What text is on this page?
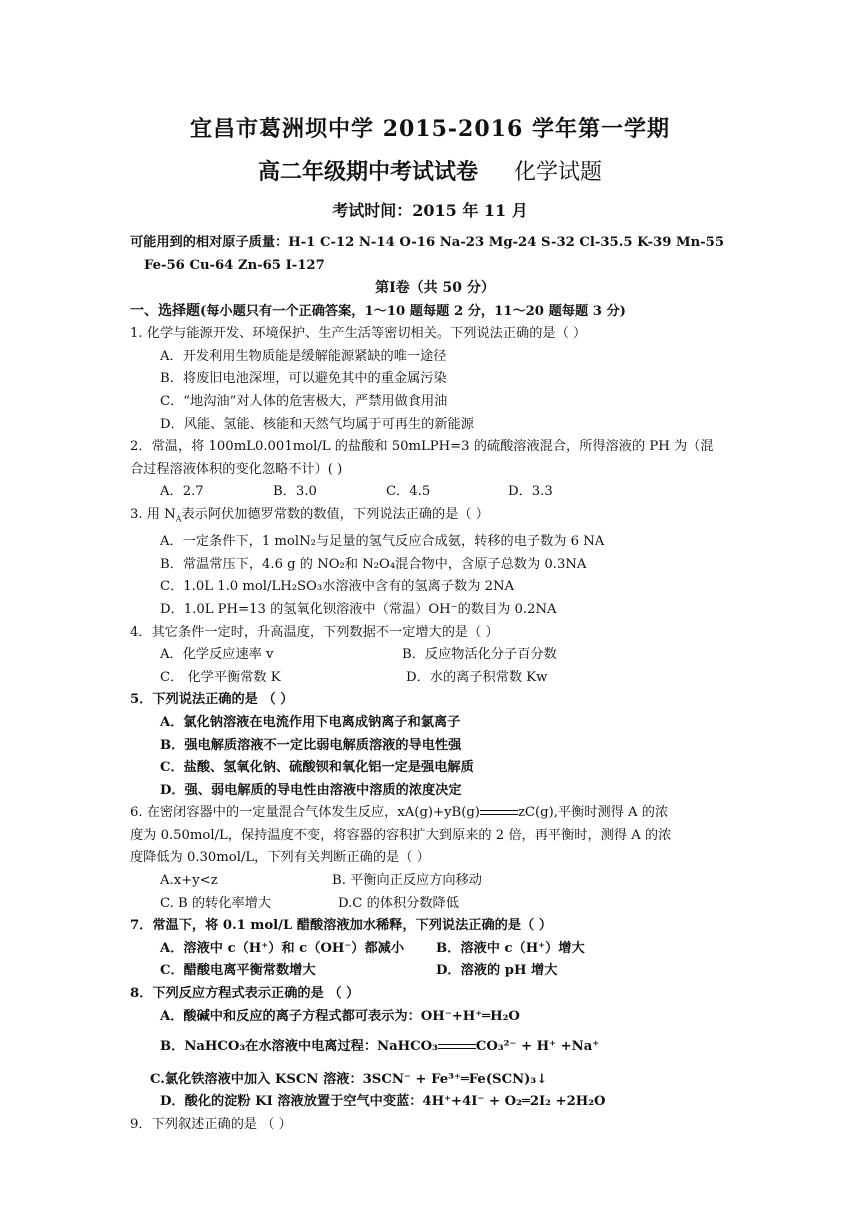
宜昌市葛洲坝中学 2015-2016 学年第一学期
高二年级期中考试试卷 化学试题
考试时间：2015 年 11 月
可能用到的相对原子质量：H-1 C-12 N-14 O-16 Na-23 Mg-24 S-32 Cl-35.5 K-39 Mn-55
Fe-56 Cu-64 Zn-65 I-127
第Ⅰ卷（共 50 分）
一、选择题(每小题只有一个正确答案，1～10 题每题 2 分，11～20 题每题 3 分)
1. 化学与能源开发、环境保护、生产生活等密切相关。下列说法正确的是（ ）
A．开发利用生物质能是缓解能源紧缺的唯一途径
B．将废旧电池深埋，可以避免其中的重金属污染
C．“地沟油”对人体的危害极大，严禁用做食用油
D．风能、氢能、核能和天然气均属于可再生的新能源
2．常温，将 100mL0.001mol/L 的盐酸和 50mLPH=3 的硫酸溶液混合，所得溶液的 PH 为（混
合过程溶液体积的变化忽略不计）( )
A．2.7	B．3.0	C．4.5	D．3.3
3. 用 $N_A$表示阿伏加德罗常数的数值，下列说法正确的是（ ）
A．一定条件下，1 molN₂与足量的氢气反应合成氨，转移的电子数为 6 NA
B．常温常压下，4.6 g 的 NO₂和 N₂O₄混合物中，含原子总数为 0.3NA
C．1.0L 1.0 mol/LH₂SO₃水溶液中含有的氢离子数为 2NA
D．1.0L PH=13 的氢氧化钡溶液中（常温）OH⁻的数目为 0.2NA
4．其它条件一定时，升高温度，下列数据不一定增大的是（ ）
A．化学反应速率 v	B．反应物活化分子百分数
C． 化学平衡常数 K	D．水的离子积常数 Kw
5．下列说法正确的是 （ ）
A．氯化钠溶液在电流作用下电离成钠离子和氯离子
B．强电解质溶液不一定比弱电解质溶液的导电性强
C．盐酸、氢氧化钠、硫酸钡和氧化铝一定是强电解质
D．强、弱电解质的导电性由溶液中溶质的浓度决定
6. 在密闭容器中的一定量混合气体发生反应，xA(g)+yB(g)	zC(g),平衡时测得 A 的浓
度为 0.50mol/L，保持温度不变，将容器的容积扩大到原来的 2 倍，再平衡时，测得 A 的浓
度降低为 0.30mol/L，下列有关判断正确的是（ ）
A.x+y<z	B. 平衡向正反应方向移动
C. B 的转化率增大	D.C 的体积分数降低
7．常温下，将 0.1 mol/L 醋酸溶液加水稀释，下列说法正确的是（ ）
A．溶液中 c（H⁺）和 c（OH⁻）都减小	B．溶液中 c（H⁺）增大
C．醋酸电离平衡常数增大	D．溶液的 pH 增大
8．下列反应方程式表示正确的是 （ ）
A．酸碱中和反应的离子方程式都可表示为：OH⁻+H⁺═H₂O
B．NaHCO₃在水溶液中电离过程：NaHCO₃	CO₃²⁻ + H⁺ +Na⁺
C.氯化铁溶液中加入 KSCN 溶液：3SCN⁻ + Fe³⁺═Fe(SCN)₃↓
D．酸化的淀粉 KI 溶液放置于空气中变蓝：4H⁺+4I⁻ + O₂═2I₂ +2H₂O
9．下列叙述正确的是 （ ）
